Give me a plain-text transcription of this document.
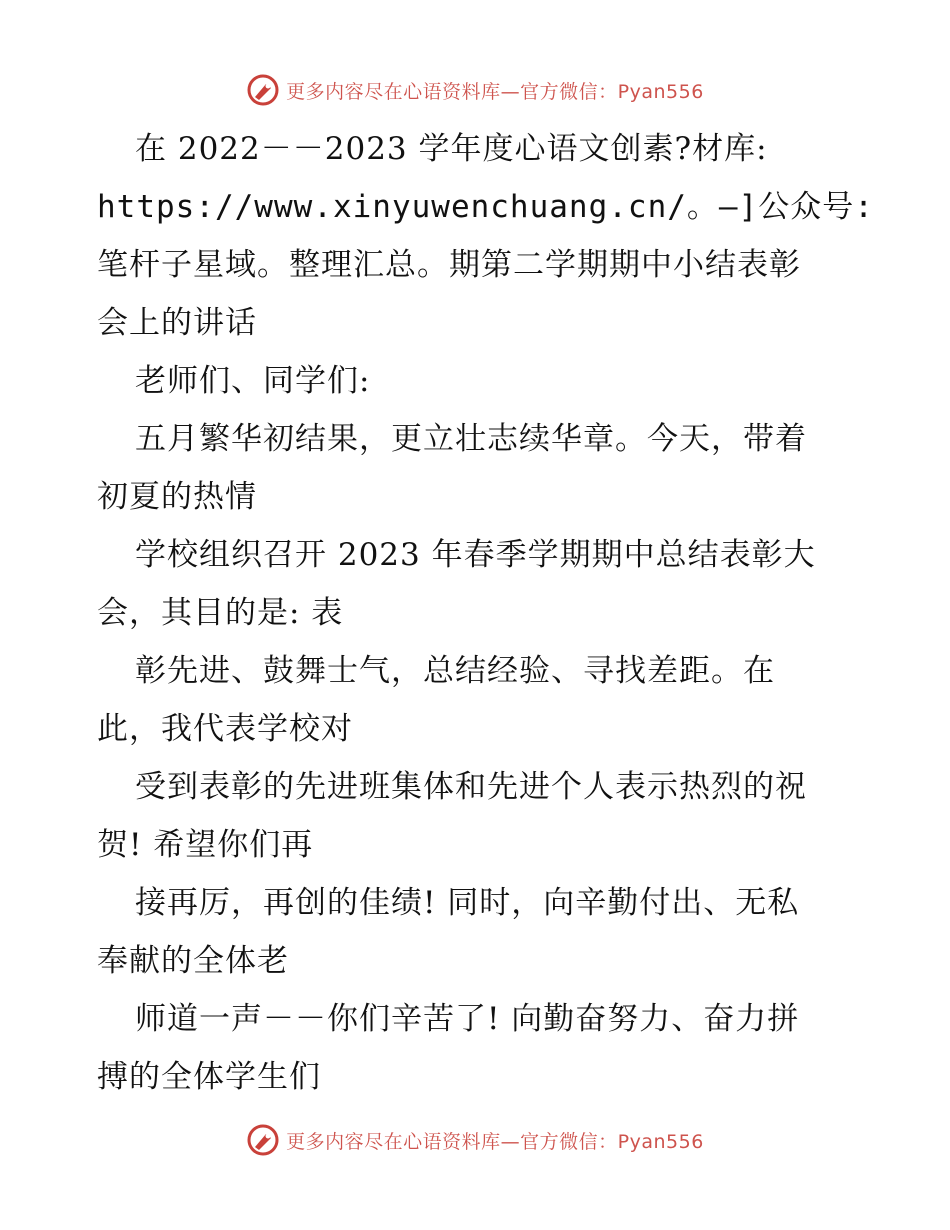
更多内容尽在心语资料库—官方微信：Pyan556
在 2022－－2023 学年度心语文创素?材库:
https://www.xinyuwenchuang.cn/。—]公众号:
笔杆子星域。整理汇总。期第二学期期中小结表彰
会上的讲话
老师们、同学们:
五月繁华初结果，更立壮志续华章。今天，带着
初夏的热情
学校组织召开 2023 年春季学期期中总结表彰大
会，其目的是: 表
彰先进、鼓舞士气，总结经验、寻找差距。在
此，我代表学校对
受到表彰的先进班集体和先进个人表示热烈的祝
贺! 希望你们再
接再厉，再创的佳绩! 同时，向辛勤付出、无私
奉献的全体老
师道一声－－你们辛苦了! 向勤奋努力、奋力拼
搏的全体学生们
更多内容尽在心语资料库—官方微信：Pyan556
